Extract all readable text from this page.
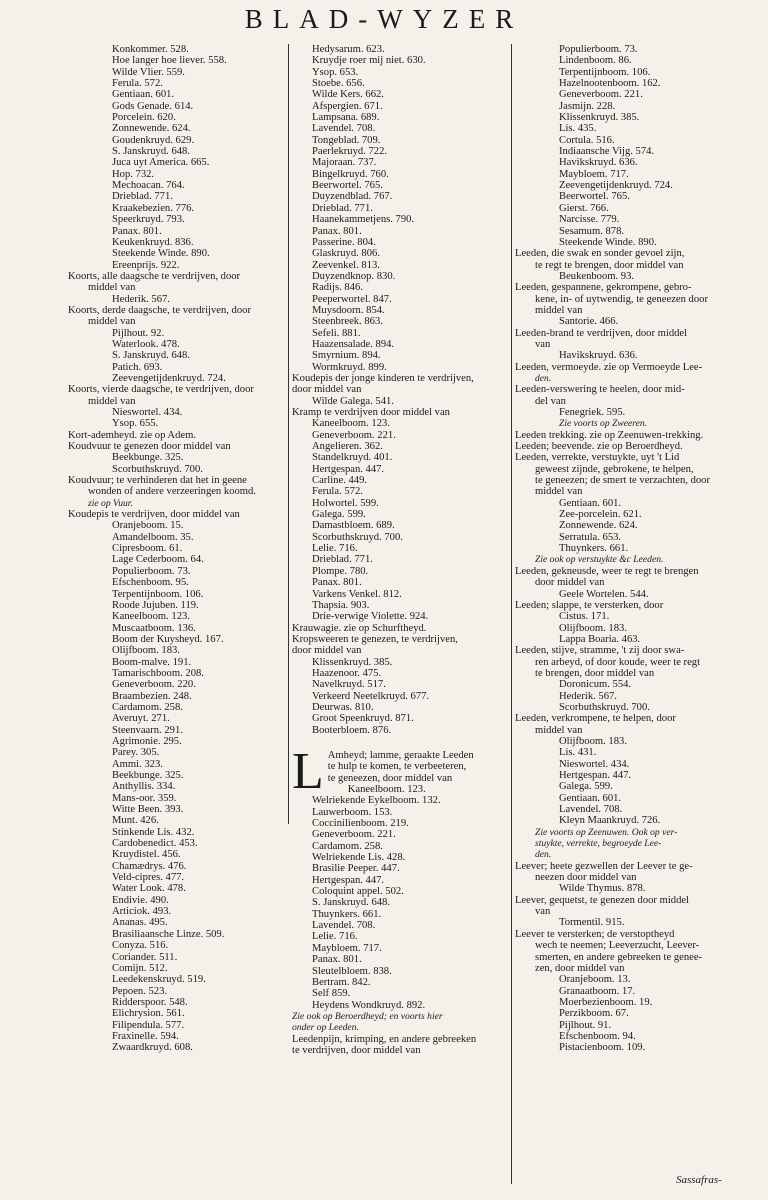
BLAD-WYZER
Konkommer. 528.
Hoe langer hoe liever. 558.
Wilde Vlier. 559.
Ferula. 572.
Gentiaan. 601.
Gods Genade. 614.
Porcelein. 620.
Zonnewende. 624.
Goudenkruyd. 629.
S. Janskruyd. 648.
Juca uyt America. 665.
Hop. 732.
Mechoacan. 764.
Drieblad. 771.
Kraakebezien. 776.
Speerkruyd. 793.
Panax. 801.
Keukenkruyd. 836.
Steekende Winde. 890.
Ereenprijs. 922.
Koorts, alle daagsche te verdrijven, door
middel van
Hederik. 567.
Koorts, derde daagsche, te verdrijven, door
middel van
Pijlhout. 92.
Waterlook. 478.
S. Janskruyd. 648.
Patich. 693.
Zeevengetijdenkruyd. 724.
Koorts, vierde daagsche, te verdrijven, door
middel van
Nieswortel. 434.
Ysop. 655.
Kort-ademheyd. zie op Adem.
Koudvuur te genezen door middel van
Beekbunge. 325.
Scorbuthskruyd. 700.
Koudvuur; te verhinderen dat het in geene
wonden of andere verzeeringen koomd.
zie op Vuur.
Koudepis te verdrijven, door middel van
Oranjeboom. 15.
Amandelboom. 35.
Cipresboom. 61.
Lage Cederboom. 64.
Populierboom. 73.
Efschenboom. 95.
Terpentijnboom. 106.
Roode Jujuben. 119.
Kaneelboom. 123.
Muscaatboom. 136.
Boom der Kuysheyd. 167.
Olijfboom. 183.
Boom-malve. 191.
Tamarischboom. 208.
Geneverboom. 220.
Braambezien. 248.
Cardamom. 258.
Averuyt. 271.
Steenvaarn. 291.
Agrimonie. 295.
Parey. 305.
Ammi. 323.
Beekbunge. 325.
Anthyllis. 334.
Mans-oor. 359.
Witte Been. 393.
Munt. 426.
Stinkende Lis. 432.
Cardobenedict. 453.
Kruydistel. 456.
Chamædrys. 476.
Veld-cipres. 477.
Water Look. 478.
Endivie. 490.
Articiok. 493.
Ananas. 495.
Brasiliaansche Linze. 509.
Conyza. 516.
Coriander. 511.
Comijn. 512.
Leedekenskruyd. 519.
Pepoen. 523.
Ridderspoor. 548.
Elichrysion. 561.
Filipendula. 577.
Fraxinelle. 594.
Zwaardkruyd. 608.
Hedysarum. 623.
Kruydje roer mij niet. 630.
Ysop. 653.
Stoebe. 656.
Wilde Kers. 662.
Afspergien. 671.
Lampsana. 689.
Lavendel. 708.
Tongeblad. 709.
Paerlekruyd. 722.
Majoraan. 737.
Bingelkruyd. 760.
Beerwortel. 765.
Duyzendblad. 767.
Drieblad. 771.
Haanekammetjens. 790.
Panax. 801.
Passerine. 804.
Glaskruyd. 806.
Zeevenkel. 813.
Duyzendknop. 830.
Radijs. 846.
Peeperwortel. 847.
Muysdoorn. 854.
Steenbreek. 863.
Sefeli. 881.
Haazensalade. 894.
Smyrnium. 894.
Wormkruyd. 899.
Koudepis der jonge kinderen te verdrijven,
door middel van
Wilde Galega. 541.
Kramp te verdrijven door middel van
Kaneelboom. 123.
Geneverboom. 221.
Angelieren. 362.
Standelkruyd. 401.
Hertgespan. 447.
Carline. 449.
Ferula. 572.
Holwortel. 599.
Galega. 599.
Damastbloem. 689.
Scorbuthskruyd. 700.
Lelie. 716.
Drieblad. 771.
Plompe. 780.
Panax. 801.
Varkens Venkel. 812.
Thapsia. 903.
Drie-verwige Violette. 924.
Krauwagie. zie op Schurftheyd.
Kropsweeren te genezen, te verdrijven,
door middel van
Klissenkruyd. 385.
Haazenoor. 475.
Navelkruyd. 517.
Verkeerd Neetelkruyd. 677.
Deurwas. 810.
Groot Speenkruyd. 871.
Booterbloem. 876.
L Amheyd; lamme, geraakte Leeden
te hulp te komen, te verbeeteren,
te geneezen, door middel van
Kaneelboom. 123.
Welriekende Eykelboom. 132.
Lauwerboom. 153.
Coccinilienboom. 219.
Geneverboom. 221.
Cardamom. 258.
Welriekende Lis. 428.
Brasilie Peeper. 447.
Hertgespan. 447.
Coloquint appel. 502.
S. Janskruyd. 648.
Thuynkers. 661.
Lavendel. 708.
Lelie. 716.
Maybloem. 717.
Panax. 801.
Sleutelbloem. 838.
Bertram. 842.
Self 859.
Heydens Wondkruyd. 892.
Zie ook op Beroerdheyd; en voorts hier
onder op Leeden.
Leedenpijn, krimping, en andere gebreeken
te verdrijven, door middel van
Populierboom. 73.
Lindenboom. 86.
Terpentijnboom. 106.
Hazelnootenboom. 162.
Geneverboom. 221.
Jasmijn. 228.
Klissenkruyd. 385.
Lis. 435.
Cortula. 516.
Indiaansche Vijg. 574.
Havikskruyd. 636.
Maybloem. 717.
Zeevengetijdenkruyd. 724.
Beerwortel. 765.
Gierst. 766.
Narcisse. 779.
Sesamum. 878.
Steekende Winde. 890.
Leeden, die swak en sonder gevoel zijn,
te regt te brengen, door middel van
Beukenboom. 93.
Leeden, gespannene, gekrompene, gebro-
kene, in- of uytwendig, te geneezen door
middel van
Santorie. 466.
Leeden-brand te verdrijven, door middel
van
Havikskruyd. 636.
Leeden, vermoeyde. zie op Vermoeyde Lee-
den.
Leeden-verswering te heelen, door mid-
del van
Fenegriek. 595.
Zie voorts op Zweeren.
Leeden trekking. zie op Zeenuwen-trekking.
Leeden; beevende. zie op Beroerdheyd.
Leeden, verrekte, verstuykte, uyt 't Lid
geweest zijnde, gebrokene, te helpen,
te geneezen; de smert te verzachten, door
middel van
Gentiaan. 601.
Zee-porcelein. 621.
Zonnewende. 624.
Serratula. 653.
Thuynkers. 661.
Zie ook op verstuykte &c Leeden.
Leeden, gekneusde, weer te regt te brengen
door middel van
Geele Wortelen. 544.
Leeden; slappe, te versterken, door
Cistus. 171.
Olijfboom. 183.
Lappa Boaria. 463.
Leeden, stijve, stramme, 't zij door swa-
ren arbeyd, of door koude, weer te regt
te brengen, door middel van
Doronicum. 554.
Hederik. 567.
Scorbuthskruyd. 700.
Leeden, verkrompene, te helpen, door
middel van
Olijfboom. 183.
Lis. 431.
Nieswortel. 434.
Hertgespan. 447.
Galega. 599.
Gentiaan. 601.
Lavendel. 708.
Kleyn Maankruyd. 726.
Zie voorts op Zeenuwen. Ook op ver-
stuykte, verrekte, begroeyde Lee-
den.
Leever; heete gezwellen der Leever te ge-
neezen door middel van
Wilde Thymus. 878.
Leever, gequetst, te genezen door middel
van
Tormentil. 915.
Leever te versterken; de verstoptheyd
wech te neemen; Leeverzucht, Leever-
smerten, en andere gebreeken te genee-
zen, door middel van
Oranjeboom. 13.
Granaatboom. 17.
Moerbezienboom. 19.
Perzikboom. 67.
Pijlhout. 91.
Efschenboom. 94.
Pistacienboom. 109.
Sassafras-
